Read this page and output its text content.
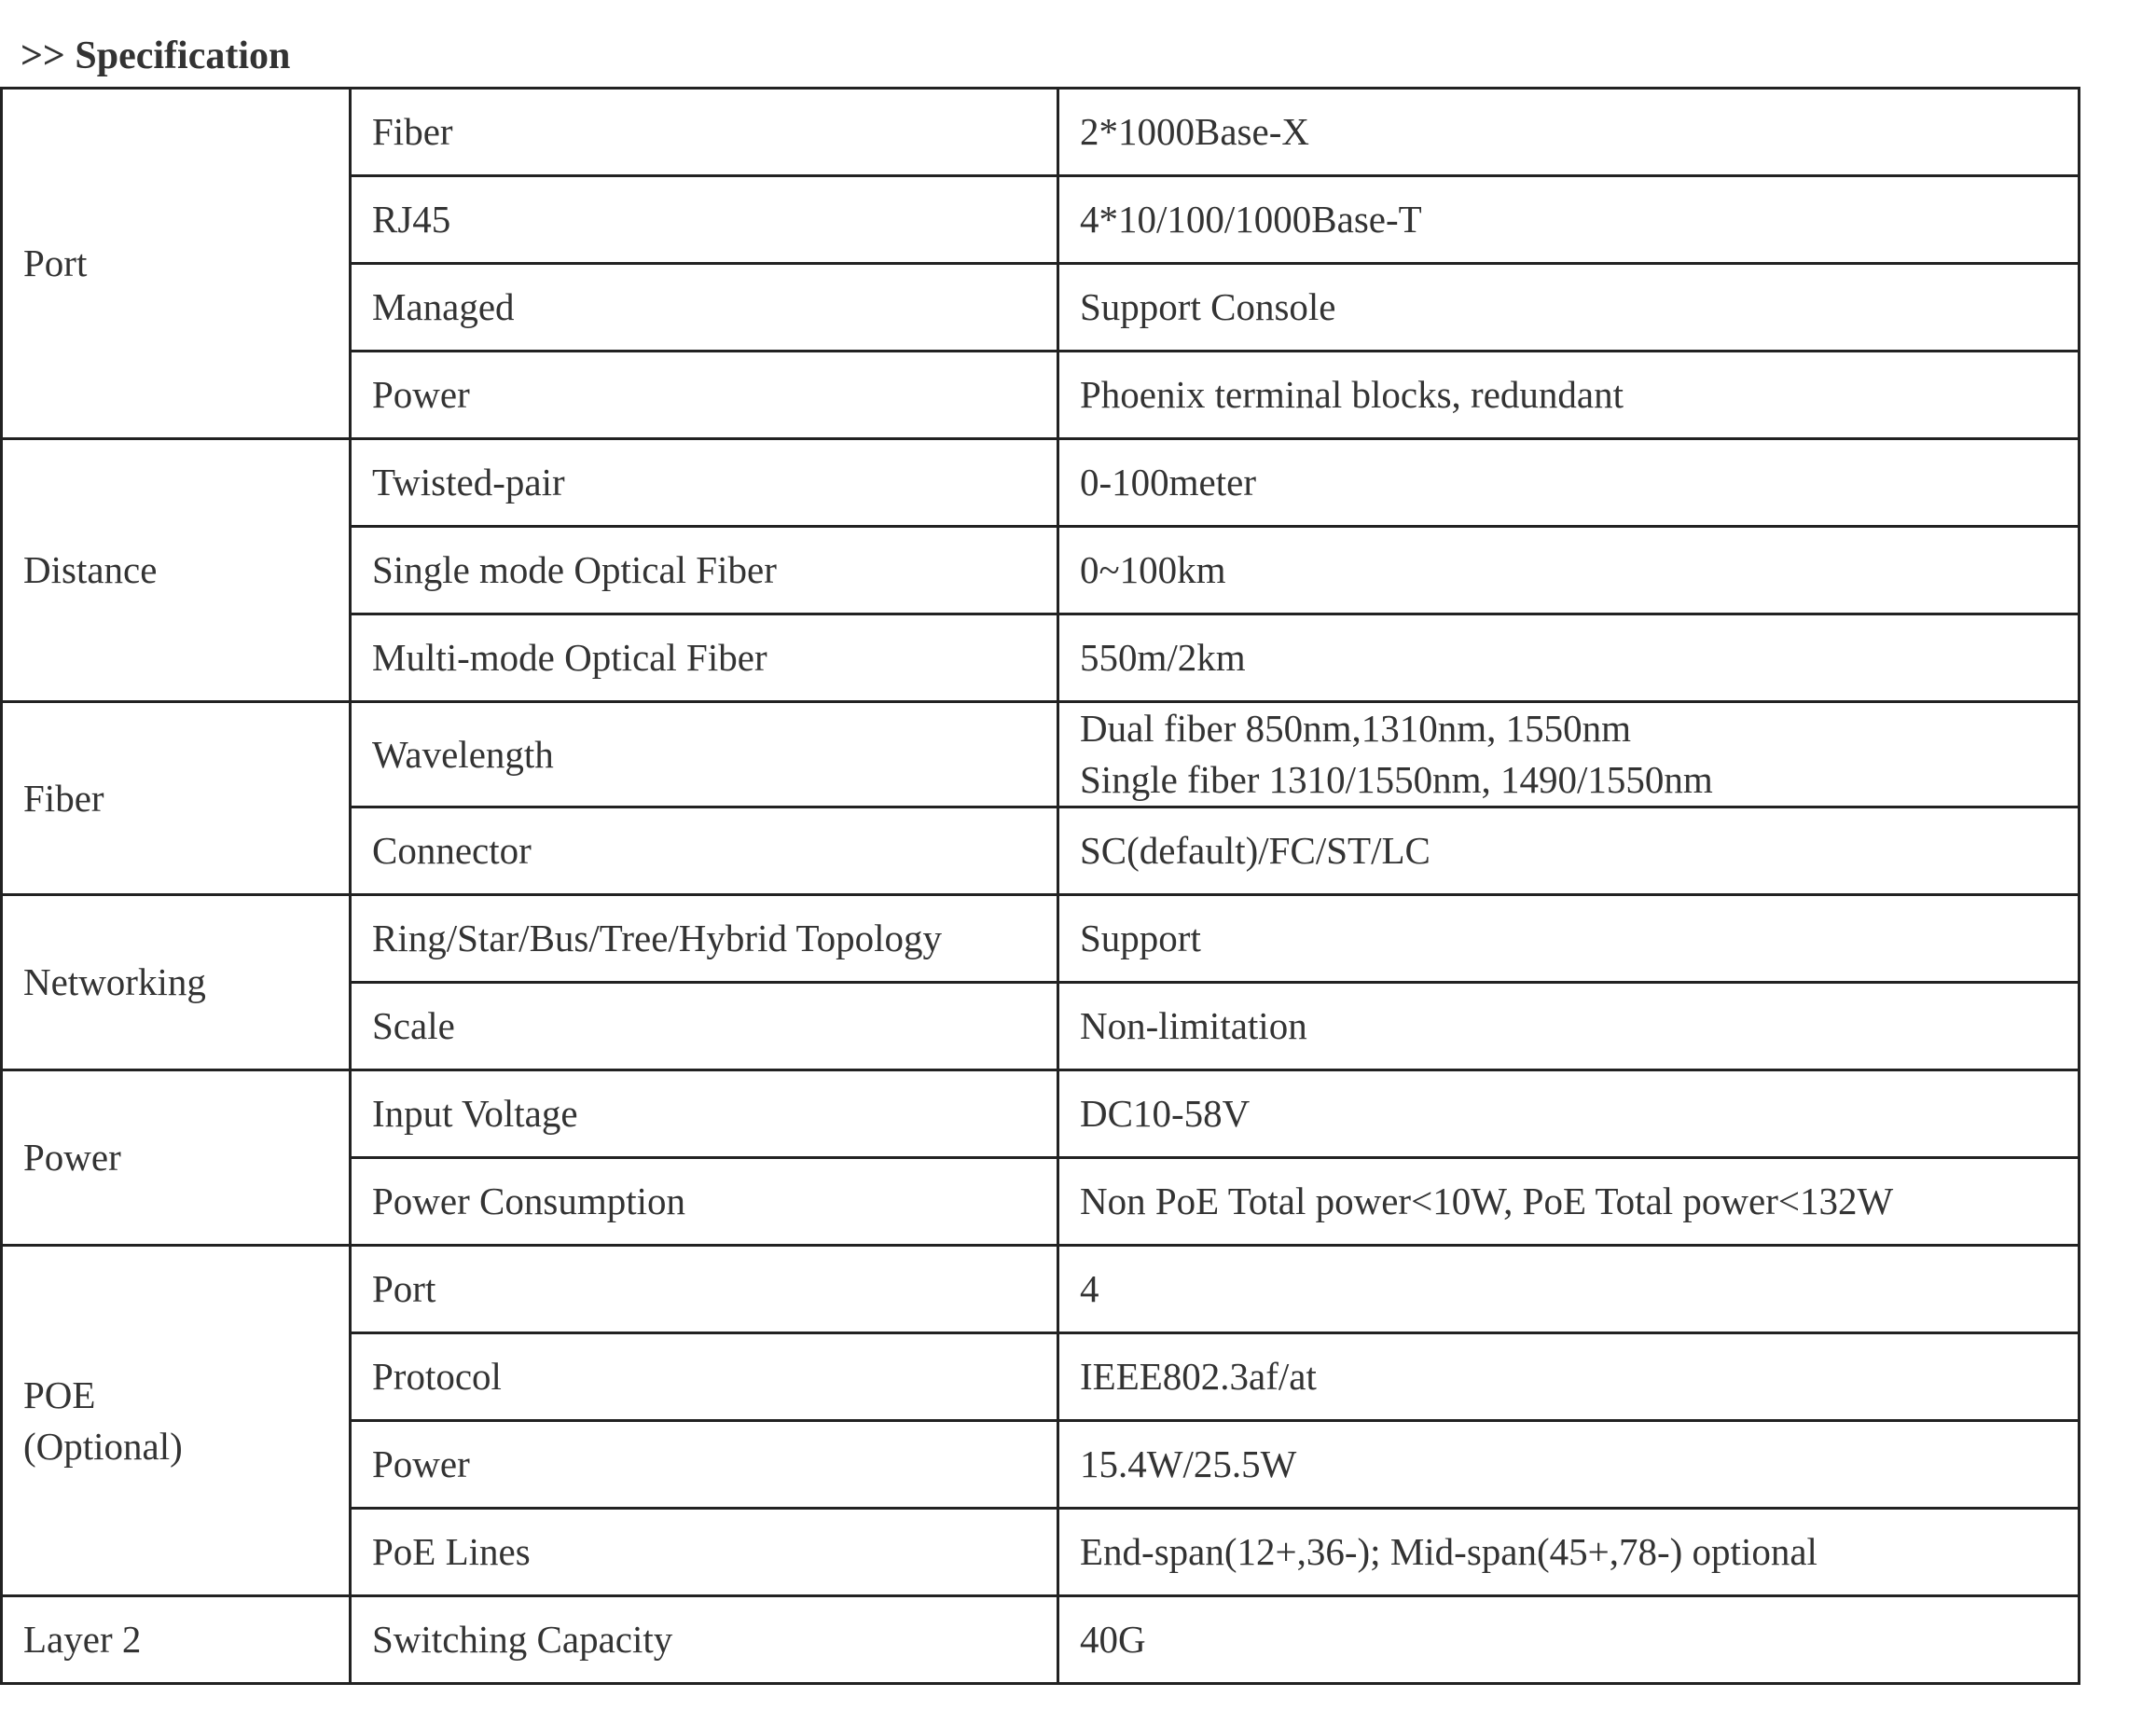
>> Specification
Port	Fiber	2*1000Base-X
	RJ45	4*10/100/1000Base-T
	Managed	Support Console
	Power	Phoenix terminal blocks, redundant
Distance	Twisted-pair	0-100meter
	Single mode Optical Fiber	0~100km
	Multi-mode Optical Fiber	550m/2km
Fiber	Wavelength	Dual fiber 850nm,1310nm, 1550nm
Single fiber 1310/1550nm, 1490/1550nm

	Connector	SC(default)/FC/ST/LC
Networking	Ring/Star/Bus/Tree/Hybrid Topology	Support
	Scale	Non-limitation
Power	Input Voltage	DC10-58V
	Power Consumption	Non PoE Total power<10W, PoE Total power<132W

POE
(Optional)	Port	4
	Protocol	IEEE802.3af/at
	Power	15.4W/25.5W
	PoE Lines	End-span(12+,36-); Mid-span(45+,78-) optional
Layer 2	Switching Capacity	40G
